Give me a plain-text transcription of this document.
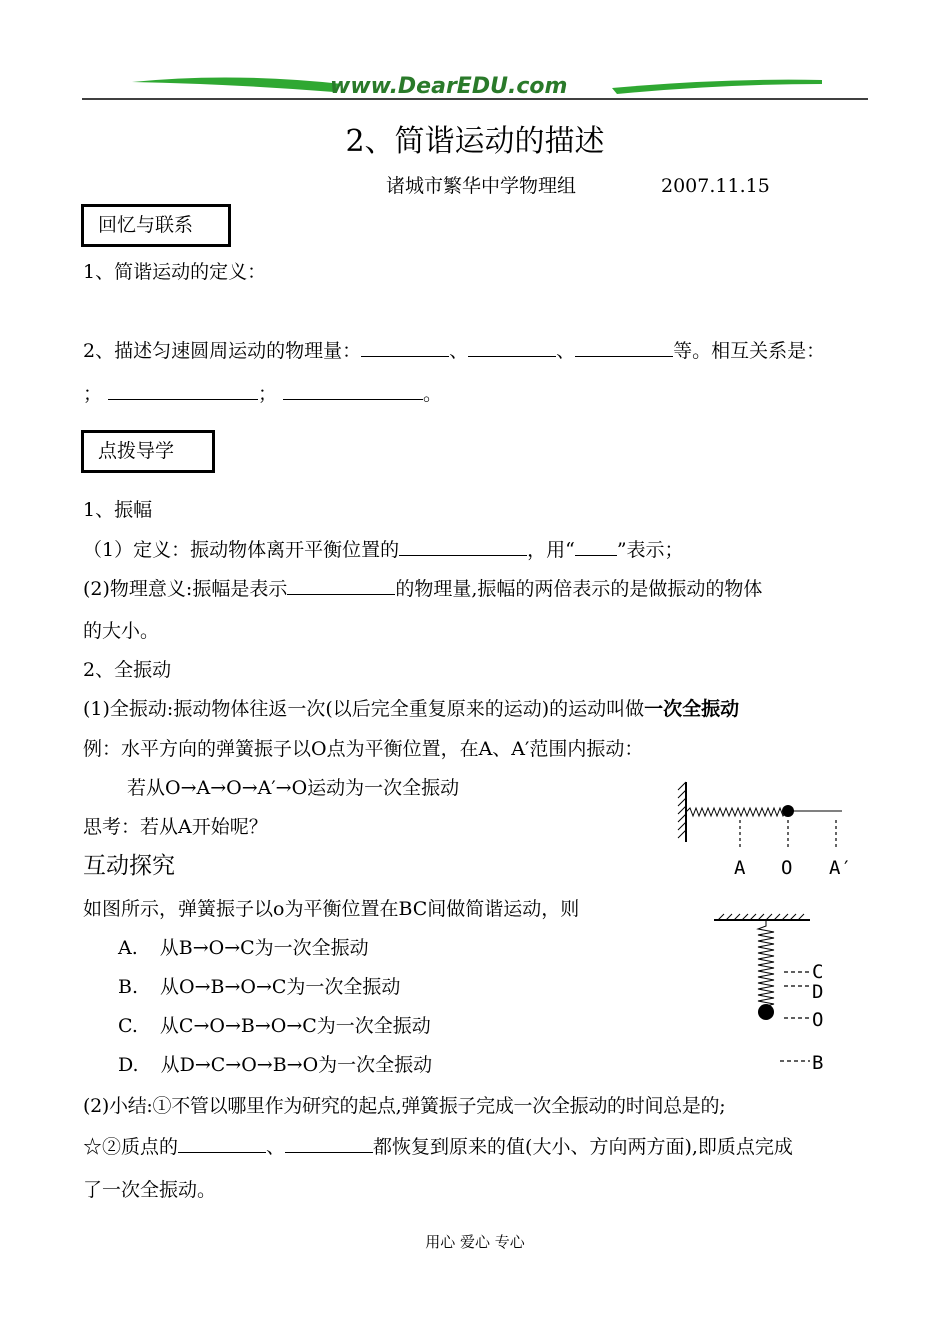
www.DearEDU.com
2、简谐运动的描述
诸城市繁华中学物理组	2007.11.15
回忆与联系
1、简谐运动的定义：
2、描述匀速圆周运动的物理量：	、	、	等。相互关系是：
；	；	。
点拨导学
1、振幅
（1）定义：振动物体离开平衡位置的	，用“ ”表示；
(2)物理意义:振幅是表示	的物理量,振幅的两倍表示的是做振动的物体
的大小。
2、全振动
(1)全振动:振动物体往返一次(以后完全重复原来的运动)的运动叫做一次全振动
例：水平方向的弹簧振子以O点为平衡位置，在A、A′范围内振动：
若从O→A→O→A′→O运动为一次全振动
思考：若从A开始呢？
A O A′
互动探究
如图所示，弹簧振子以o为平衡位置在BC间做简谐运动，则
A. 从B→O→C为一次全振动
B. 从O→B→O→C为一次全振动
C. 从C→O→B→O→C为一次全振动
D. 从D→C→O→B→O为一次全振动
C
D
O
B
(2)小结:①不管以哪里作为研究的起点,弹簧振子完成一次全振动的时间总是的;
☆②质点的	、	都恢复到原来的值(大小、方向两方面),即质点完成
了一次全振动。
用心 爱心 专心
